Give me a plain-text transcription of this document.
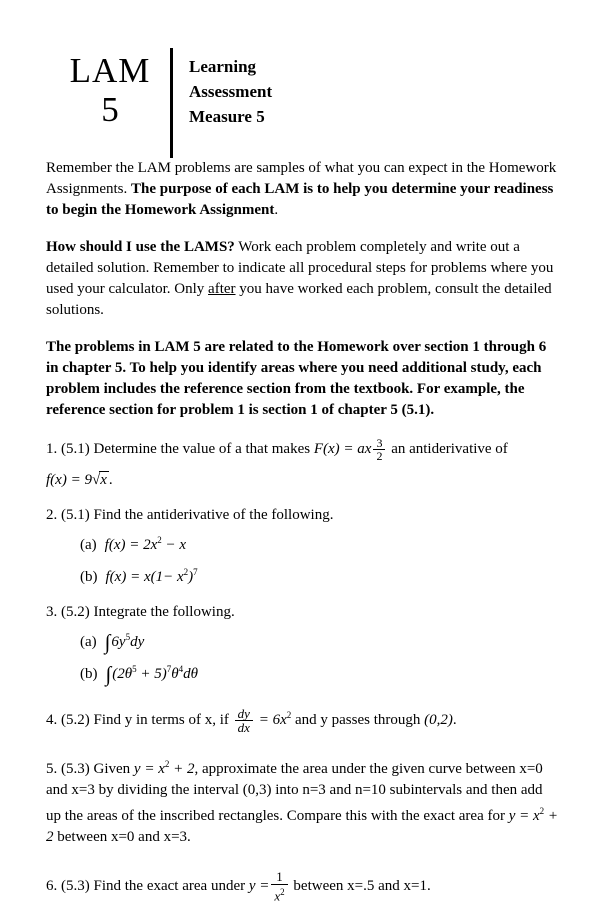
LAM
5
Learning
Assessment
Measure 5

Remember the LAM problems are samples of what you can expect in the Homework Assignments. The purpose of each LAM is to help you determine your readiness to begin the Homework Assignment.

How should I use the LAMS? Work each problem completely and write out a detailed solution. Remember to indicate all procedural steps for problems where you used your calculator. Only after you have worked each problem, consult the detailed solutions.

The problems in LAM 5 are related to the Homework over section 1 through 6 in chapter 5. To help you identify areas where you need additional study, each problem includes the reference section from the textbook. For example, the reference section for problem 1 is section 1 of chapter 5 (5.1).

1. (5.1) Determine the value of a that makes F(x) = ax $\frac{3}{2}$ an antiderivative of
f(x) = 9√x .
2. (5.1) Find the antiderivative of the following.
(a) $f(x) = 2x^2 - x$
(b) $f(x) = x(1- x^2)^7$
3. (5.2) Integrate the following.
(a) $\int 6y^5dy$
(b) $\int(2\theta^5 + 5)^7\theta^4d\theta$
4. (5.2) Find y in terms of x, if $\frac{dy}{dx} = 6x^2$ and y passes through (0,2).
5. (5.3) Given $y = x^2 + 2$, approximate the area under the given curve between x=0 and x=3 by dividing the interval (0,3) into n=3 and n=10 subintervals and then add up the areas of the inscribed rectangles. Compare this with the exact area for $y = x^2 + 2$ between x=0 and x=3.
6. (5.3) Find the exact area under $y = \frac{1}{x^2}$ between x=.5 and x=1.
